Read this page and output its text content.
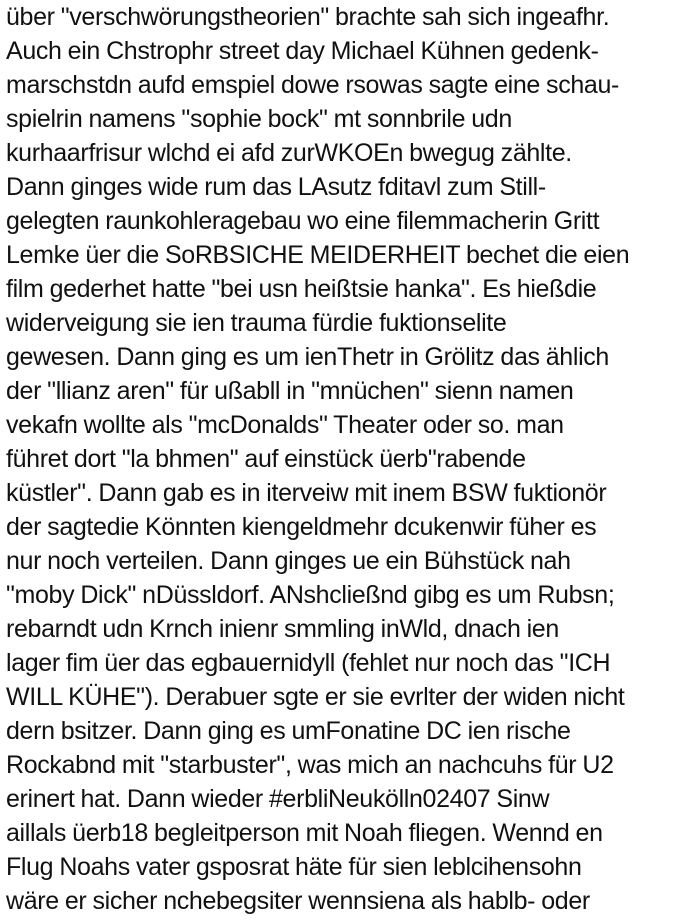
über "verschwörungstheorien" brachte sah sich ingeafhr.
Auch ein Chstrophr street day Michael Kühnen gedenk-
marschstdn aufd emspiel dowe rsowas sagte eine schau-
spielrin namens "sophie bock" mt sonnbrile udn
kurhaarfrisur wlchd ei afd zurWKOEn bwegug zählte.
Dann ginges wide rum das LAsutz fditavl zum Still-
gelegten raunkohleragebau wo eine filemmacherin Gritt
Lemke üer die SoRBSICHE MEIDERHEIT bechet die eien
film gederhet hatte "bei usn heißtsie hanka". Es hießdie
widerveigung sie ien trauma fürdie fuktionselite
gewesen. Dann ging es um ienThetr in Grölitz das ählich
der "llianz aren" für ußabll in "mnüchen" sienn namen
vekafn wollte als "mcDonalds" Theater oder so. man
führet dort "la bhmen" auf einstück üerb"rabende
küstler". Dann gab es in iterveiw mit inem BSW fuktionör
der sagtedie Könnten kiengeldmehr dcukenwir füher es
nur noch verteilen. Dann ginges ue ein Bühstück nah
"moby Dick" nDüssldorf. ANshcließnd gibg es um Rubsn;
rebarndt udn Krnch inienr smmling inWld, dnach ien
lager fim üer das egbauernidyll (fehlet nur noch das "ICH
WILL KÜHE"). Derabuer sgte er sie evrlter der widen nicht
dern bsitzer. Dann ging es umFonatine DC ien rische
Rockabnd mit "starbuster", was mich an nachcuhs für U2
erinert hat. Dann wieder #erbliNeukölln02407 Sinw
aillals üerb18 begleitperson mit Noah fliegen. Wennd en
Flug Noahs vater gsposrat häte für sien leblcihensohn
wäre er sicher nchebegsiter wennsiena als hablb- oder
